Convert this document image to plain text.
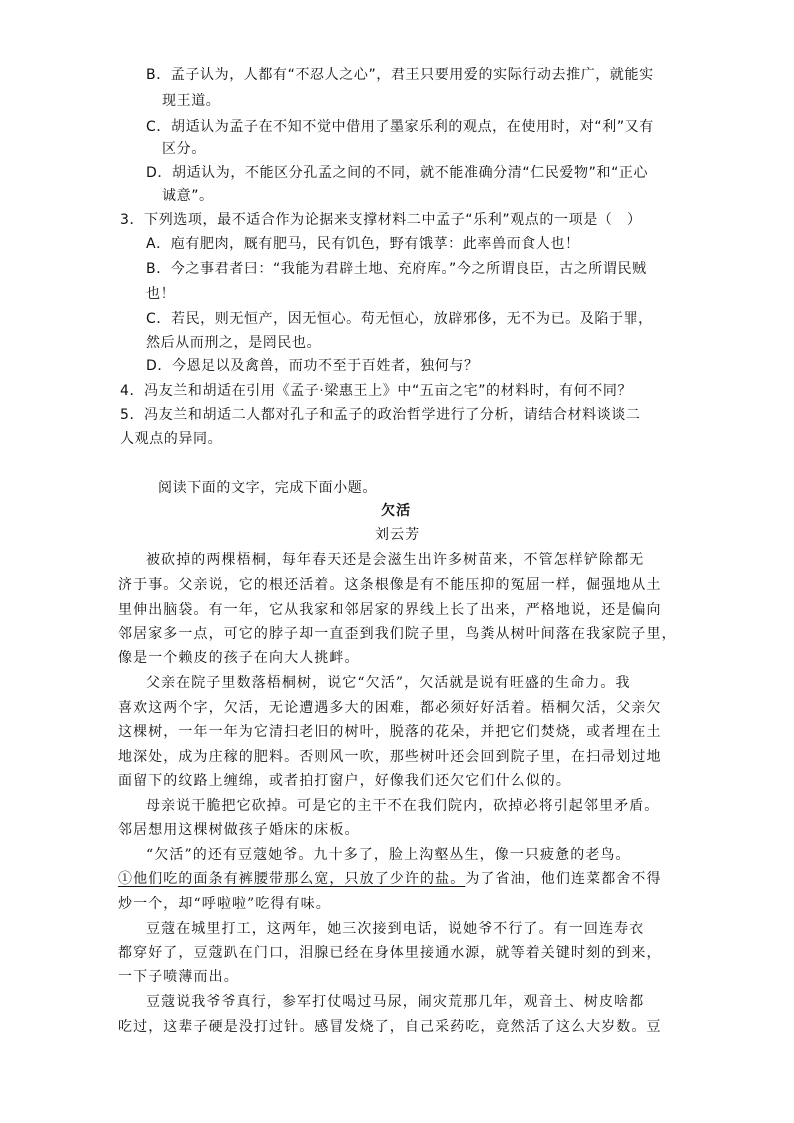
B．孟子认为，人都有“不忍人之心”，君王只要用爱的实际行动去推广，就能实
现王道。
C．胡适认为孟子在不知不觉中借用了墨家乐利的观点，在使用时，对“利”又有
区分。
D．胡适认为，不能区分孔孟之间的不同，就不能准确分清“仁民爱物”和“正心
诚意”。
3．下列选项，最不适合作为论据来支撑材料二中孟子“乐利”观点的一项是（　）
A．庖有肥肉，厩有肥马，民有饥色，野有饿莩：此率兽而食人也！
B．今之事君者曰：“我能为君辟土地、充府库。”今之所谓良臣，古之所谓民贼
也！
C．若民，则无恒产，因无恒心。苟无恒心，放辟邪侈，无不为已。及陷于罪，
然后从而刑之，是罔民也。
D．今恩足以及禽兽，而功不至于百姓者，独何与？
4．冯友兰和胡适在引用《孟子·梁惠王上》中“五亩之宅”的材料时，有何不同？
5．冯友兰和胡适二人都对孔子和孟子的政治哲学进行了分析，请结合材料谈谈二
人观点的异同。
阅读下面的文字，完成下面小题。
欠活
刘云芳
被砍掉的两棵梧桐，每年春天还是会滋生出许多树苗来，不管怎样铲除都无
济于事。父亲说，它的根还活着。这条根像是有不能压抑的冤屈一样，倔强地从土
里伸出脑袋。有一年，它从我家和邻居家的界线上长了出来，严格地说，还是偏向
邻居家多一点，可它的脖子却一直歪到我们院子里，鸟粪从树叶间落在我家院子里，
像是一个赖皮的孩子在向大人挑衅。
父亲在院子里数落梧桐树，说它“欠活”，欠活就是说有旺盛的生命力。我
喜欢这两个字，欠活，无论遭遇多大的困难，都必须好好活着。梧桐欠活，父亲欠
这棵树，一年一年为它清扫老旧的树叶，脱落的花朵，并把它们焚烧，或者埋在土
地深处，成为庄稼的肥料。否则风一吹，那些树叶还会回到院子里，在扫帚划过地
面留下的纹路上缠绵，或者拍打窗户，好像我们还欠它们什么似的。
母亲说干脆把它砍掉。可是它的主干不在我们院内，砍掉必将引起邻里矛盾。
邻居想用这棵树做孩子婚床的床板。
“欠活”的还有豆蔻她爷。九十多了，脸上沟壑丛生，像一只疲惫的老鸟。
①他们吃的面条有裤腰带那么宽，只放了少许的盐。为了省油，他们连菜都舍不得
炒一个，却“呼啦啦”吃得有味。
豆蔻在城里打工，这两年，她三次接到电话，说她爷不行了。有一回连寿衣
都穿好了，豆蔻趴在门口，泪腺已经在身体里接通水源，就等着关键时刻的到来，
一下子喷薄而出。
豆蔻说我爷爷真行，参军打仗喝过马尿，闹灾荒那几年，观音土、树皮啥都
吃过，这辈子硬是没打过针。感冒发烧了，自己采药吃，竟然活了这么大岁数。豆
